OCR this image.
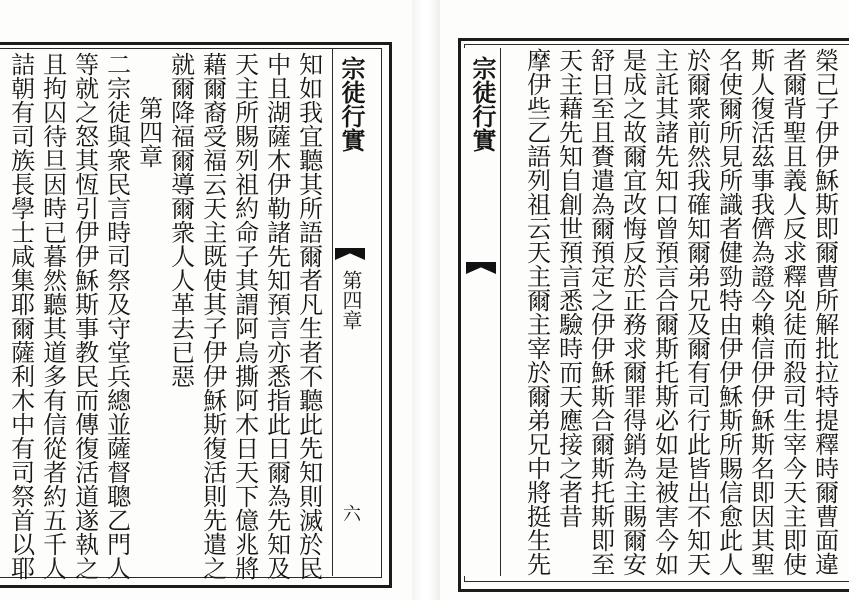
知如我宜聽其所語爾者凡生者不聽此先知則滅於民
中且湖薩木伊勒諸先知預言亦悉指此日爾為先知及
天主所賜列祖約命子其謂阿烏撕阿木日天下億兆將
藉爾裔受福云天主既使其子伊伊穌斯復活則先遣之
就爾降福爾導爾衆人人革去已惡
第四章
二宗徒與衆民言時司祭及守堂兵總並薩督聰乙門人
等就之怒其恆引伊伊穌斯事教民而傳復活道遂執之
且拘囚待旦因時已暮然聽其道多有信從者約五千人
詰朝有司族長學士咸集耶爾薩利木中有司祭首以耶	宗徒行實
第四章
六
宗徒行實	榮己子伊伊穌斯即爾曹所解批拉特提釋時爾曹面違
者爾背聖且義人反求釋兇徒而殺司生宰今天主即使
斯人復活茲事我儕為證今賴信伊伊穌斯名即因其聖
名使爾所見所識者健勁特由伊伊穌斯所賜信愈此人
於爾衆前然我確知爾弟兄及爾有司行此皆出不知天
主託其諸先知口曾預言合爾斯托斯必如是被害今如
是成之故爾宜改悔反於正務求爾罪得銷為主賜爾安
舒日至且賚遣為爾預定之伊伊穌斯合爾斯托斯即至
天主藉先知自創世預言悉驗時而天應接之者昔
摩伊些乙語列祖云天主爾主宰於爾弟兄中將挺生先
